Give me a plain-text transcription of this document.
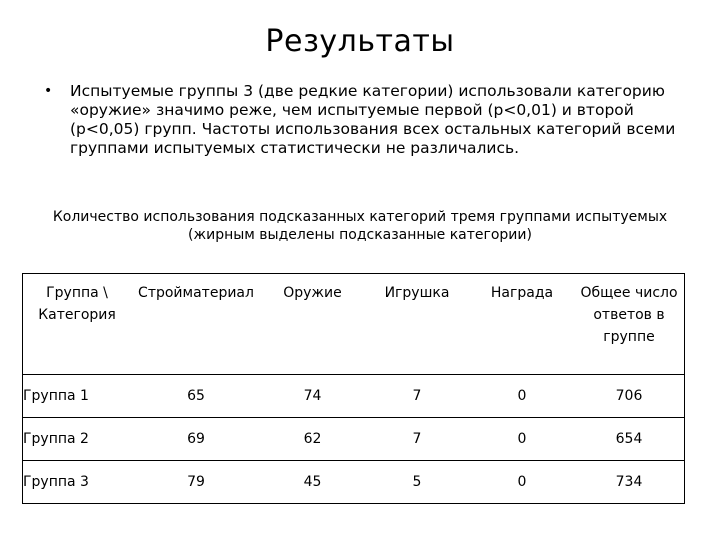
Результаты
•	Испытуемые группы 3 (две редкие категории) использовали категорию «оружие» значимо реже, чем испытуемые первой (p<0,01) и второй (p<0,05) групп. Частоты использования всех остальных категорий всеми группами испытуемых статистически не различались.
Количество использования подсказанных категорий тремя группами испытуемых
(жирным выделены подсказанные категории)
Группа \
Категория	Стройматериал	Оружие	Игрушка	Награда	Общее число ответов в группе
Группа 1	65	74	7	0	706
Группа 2	69	62	7	0	654
Группа 3	79	45	5	0	734
